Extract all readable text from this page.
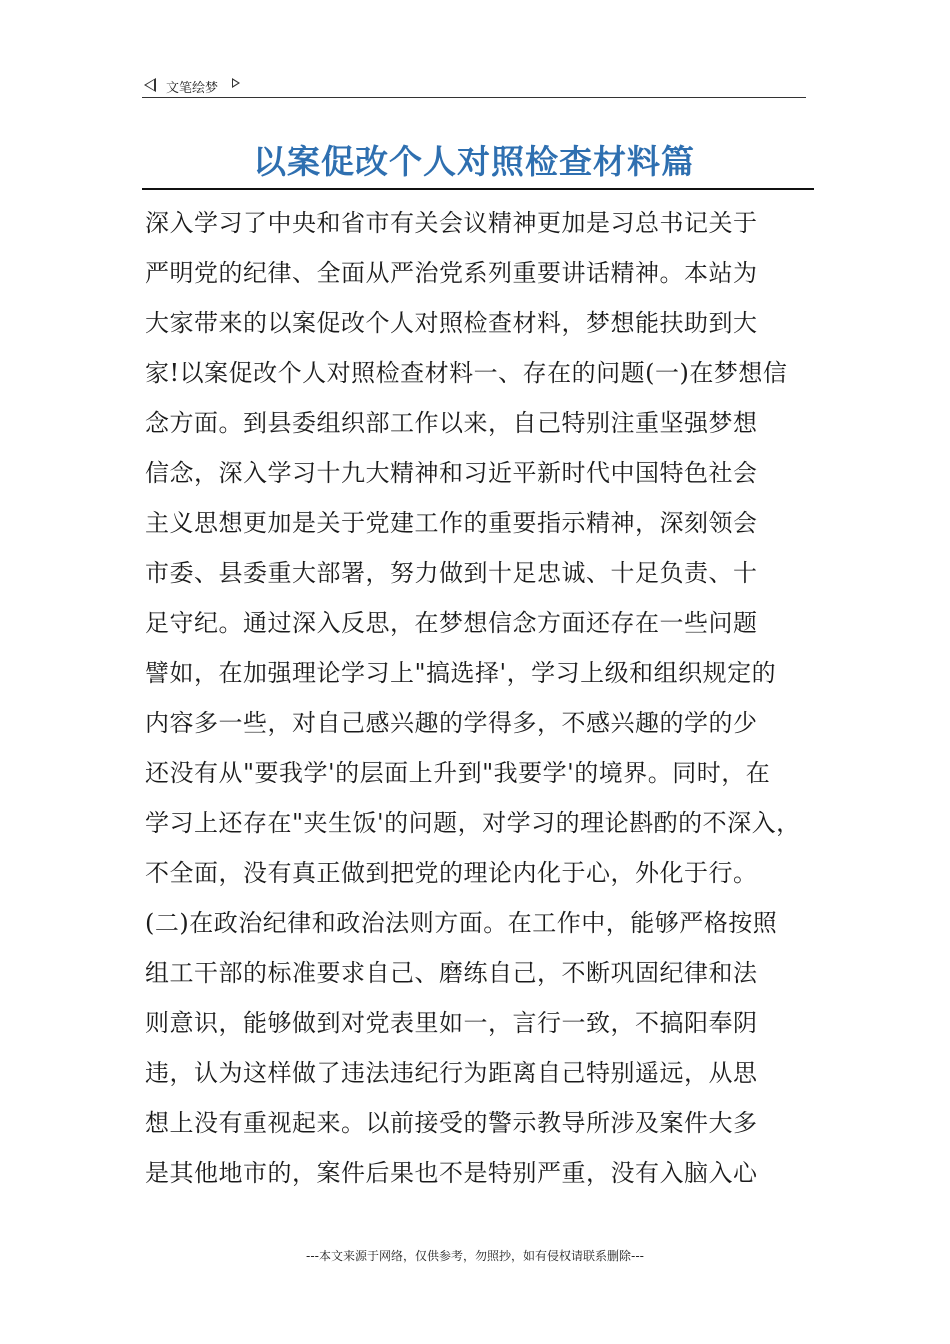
文笔绘梦
以案促改个人对照检查材料篇
深入学习了中央和省市有关会议精神更加是习总书记关于
严明党的纪律、全面从严治党系列重要讲话精神。本站为
大家带来的以案促改个人对照检查材料，梦想能扶助到大
家!以案促改个人对照检查材料一、存在的问题(一)在梦想信
念方面。到县委组织部工作以来，自己特别注重坚强梦想
信念，深入学习十九大精神和习近平新时代中国特色社会
主义思想更加是关于党建工作的重要指示精神，深刻领会
市委、县委重大部署，努力做到十足忠诚、十足负责、十
足守纪。通过深入反思，在梦想信念方面还存在一些问题
譬如，在加强理论学习上"搞选择'，学习上级和组织规定的
内容多一些，对自己感兴趣的学得多，不感兴趣的学的少
还没有从"要我学'的层面上升到"我要学'的境界。同时，在
学习上还存在"夹生饭'的问题，对学习的理论斟酌的不深入，
不全面，没有真正做到把党的理论内化于心，外化于行。
(二)在政治纪律和政治法则方面。在工作中，能够严格按照
组工干部的标准要求自己、磨练自己，不断巩固纪律和法
则意识，能够做到对党表里如一，言行一致，不搞阳奉阴
违，认为这样做了违法违纪行为距离自己特别遥远，从思
想上没有重视起来。以前接受的警示教导所涉及案件大多
是其他地市的，案件后果也不是特别严重，没有入脑入心
---本文来源于网络，仅供参考，勿照抄，如有侵权请联系删除---
